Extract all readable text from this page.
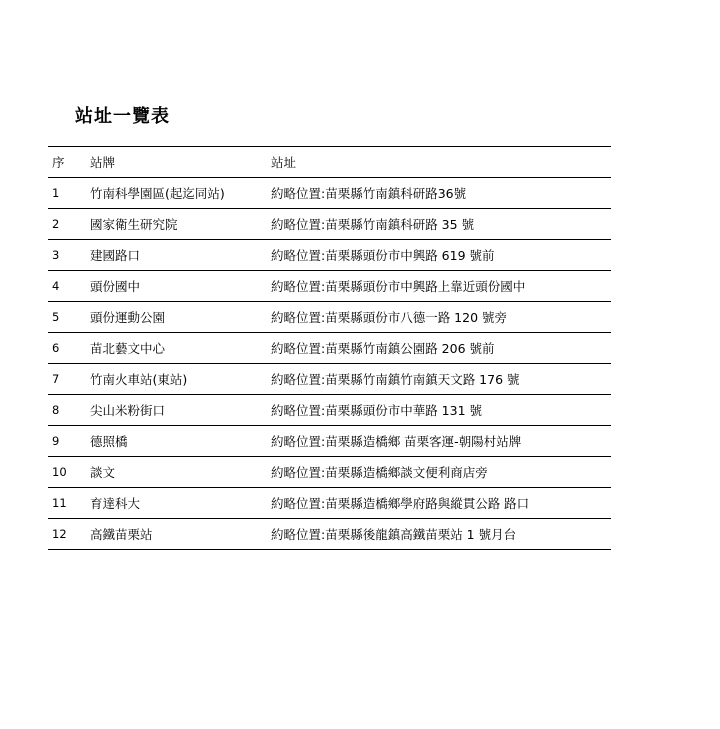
站址一覽表
序	站牌	站址
1	竹南科學園區(起迄同站)	約略位置:苗栗縣竹南鎮科研路36號
2	國家衛生研究院	約略位置:苗栗縣竹南鎮科研路 35 號
3	建國路口	約略位置:苗栗縣頭份市中興路 619 號前
4	頭份國中	約略位置:苗栗縣頭份市中興路上靠近頭份國中
5	頭份運動公園	約略位置:苗栗縣頭份市八德一路 120 號旁
6	苗北藝文中心	約略位置:苗栗縣竹南鎮公園路 206 號前
7	竹南火車站(東站)	約略位置:苗栗縣竹南鎮竹南鎮天文路 176 號
8	尖山米粉街口	約略位置:苗栗縣頭份市中華路 131 號
9	德照橋	約略位置:苗栗縣造橋鄉 苗栗客運-朝陽村站牌
10	談文	約略位置:苗栗縣造橋鄉談文便利商店旁
11	育達科大	約略位置:苗栗縣造橋鄉學府路與縱貫公路 路口
12	高鐵苗栗站	約略位置:苗栗縣後龍鎮高鐵苗栗站 1 號月台
